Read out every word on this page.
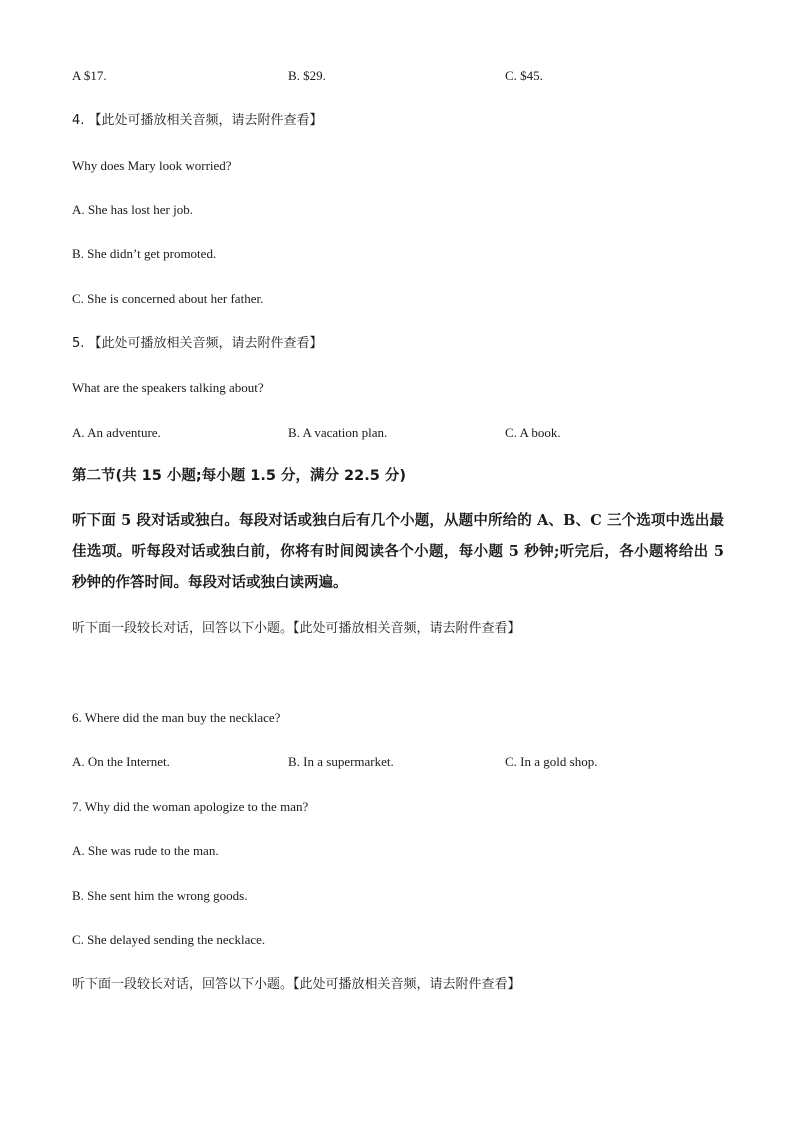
A $17.	B. $29.	C. $45.
4. 【此处可播放相关音频，请去附件查看】
Why does Mary look worried?
A. She has lost her job.
B. She didn’t get promoted.
C. She is concerned about her father.
5. 【此处可播放相关音频，请去附件查看】
What are the speakers talking about?
A. An adventure.	B. A vacation plan.	C. A book.
第二节(共 15 小题;每小题 1.5 分，满分 22.5 分)
听下面 5 段对话或独白。每段对话或独白后有几个小题，从题中所给的 A、B、C 三个选项中选出最佳选项。听每段对话或独白前，你将有时间阅读各个小题，每小题 5 秒钟;听完后，各小题将给出 5 秒钟的作答时间。每段对话或独白读两遍。
听下面一段较长对话，回答以下小题。【此处可播放相关音频，请去附件查看】
6. Where did the man buy the necklace?
A. On the Internet.	B. In a supermarket.	C. In a gold shop.
7. Why did the woman apologize to the man?
A. She was rude to the man.
B. She sent him the wrong goods.
C. She delayed sending the necklace.
听下面一段较长对话，回答以下小题。【此处可播放相关音频，请去附件查看】
